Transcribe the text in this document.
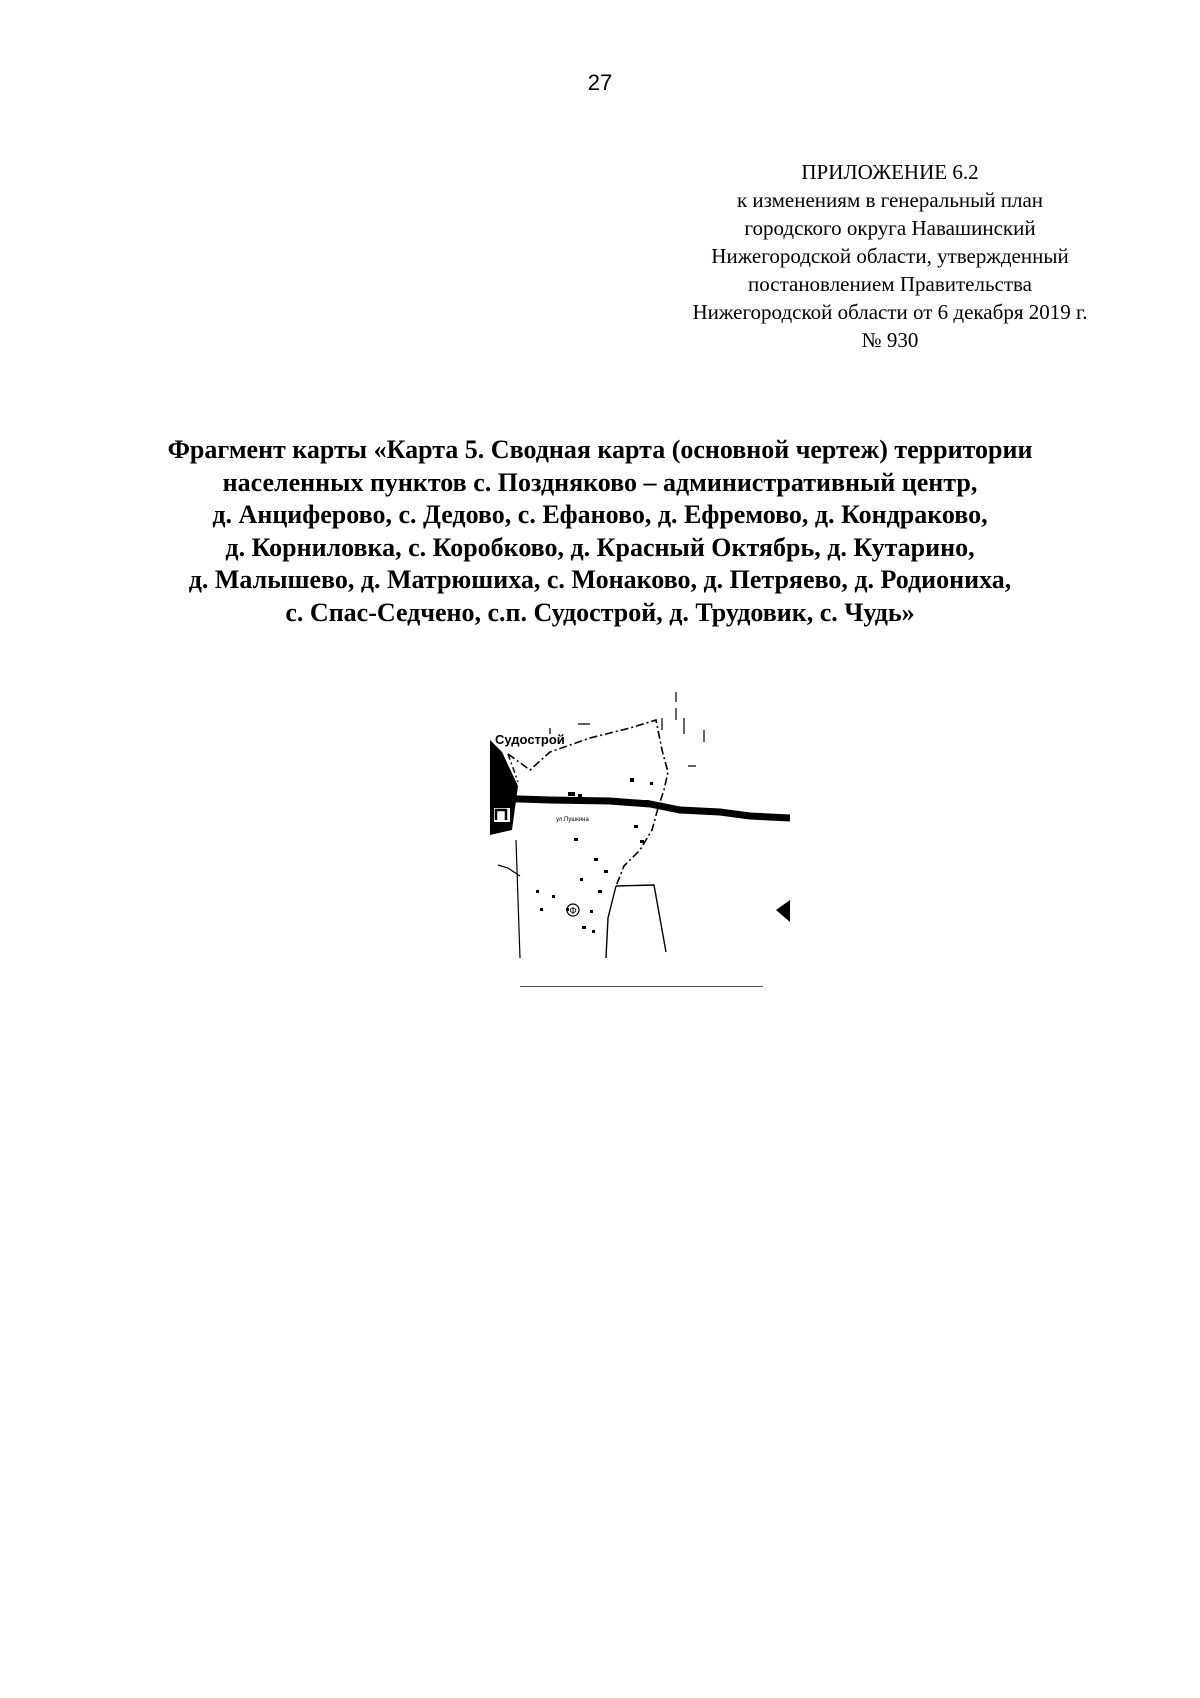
27
ПРИЛОЖЕНИЕ 6.2
к изменениям в генеральный план
городского округа Навашинский
Нижегородской области, утвержденный
постановлением Правительства
Нижегородской области от 6 декабря 2019 г.
№ 930
Фрагмент карты «Карта 5. Сводная карта (основной чертеж) территории
населенных пунктов с. Поздняково – административный центр,
д. Анциферово, с. Дедово, с. Ефаново, д. Ефремово, д. Кондраково,
д. Корниловка, с. Коробково, д. Красный Октябрь, д. Кутарино,
д. Малышево, д. Матрюшиха, с. Монаково, д. Петряево, д. Родиониха,
с. Спас-Седчено, с.п. Судострой, д. Трудовик, с. Чудь»
Ф
Судострой
ул.Пушкина
